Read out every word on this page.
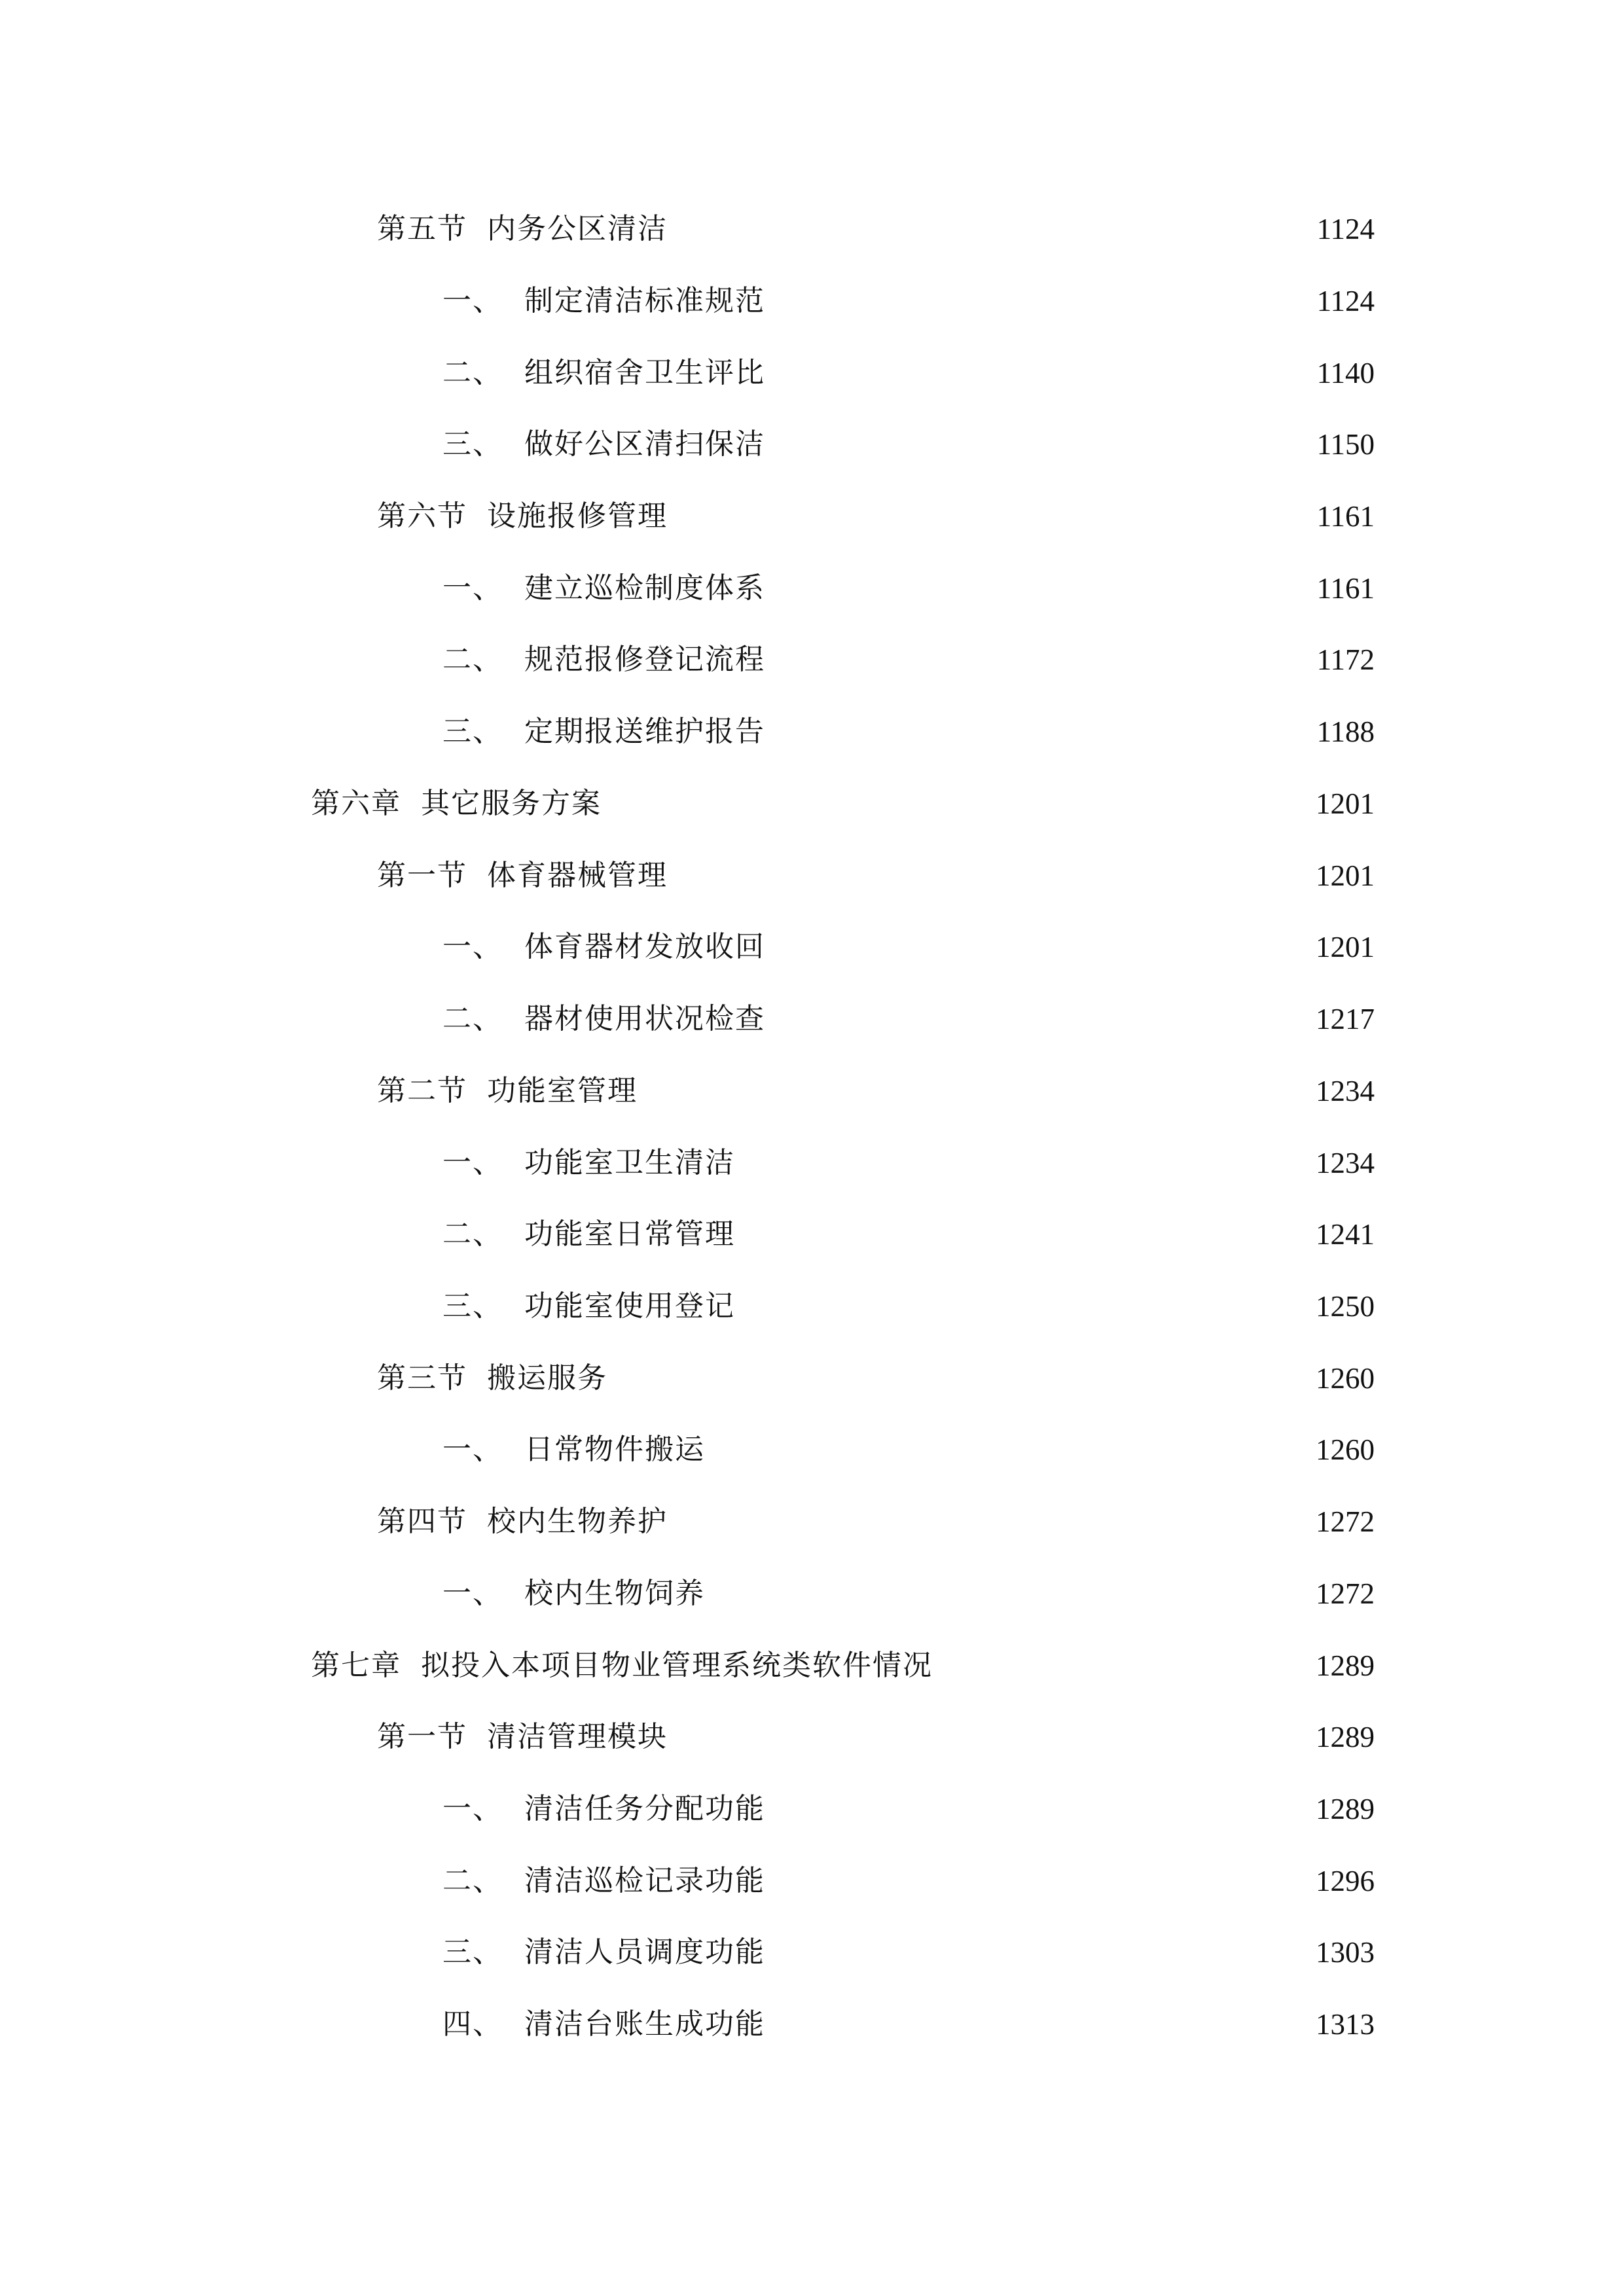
第五节 内务公区清洁	1124
一、 制定清洁标准规范	1124
二、 组织宿舍卫生评比	1140
三、 做好公区清扫保洁	1150
第六节 设施报修管理	1161
一、 建立巡检制度体系	1161
二、 规范报修登记流程	1172
三、 定期报送维护报告	1188
第六章 其它服务方案	1201
第一节 体育器械管理	1201
一、 体育器材发放收回	1201
二、 器材使用状况检查	1217
第二节 功能室管理	1234
一、 功能室卫生清洁	1234
二、 功能室日常管理	1241
三、 功能室使用登记	1250
第三节 搬运服务	1260
一、 日常物件搬运	1260
第四节 校内生物养护	1272
一、 校内生物饲养	1272
第七章 拟投入本项目物业管理系统类软件情况	1289
第一节 清洁管理模块	1289
一、 清洁任务分配功能	1289
二、 清洁巡检记录功能	1296
三、 清洁人员调度功能	1303
四、 清洁台账生成功能	1313
